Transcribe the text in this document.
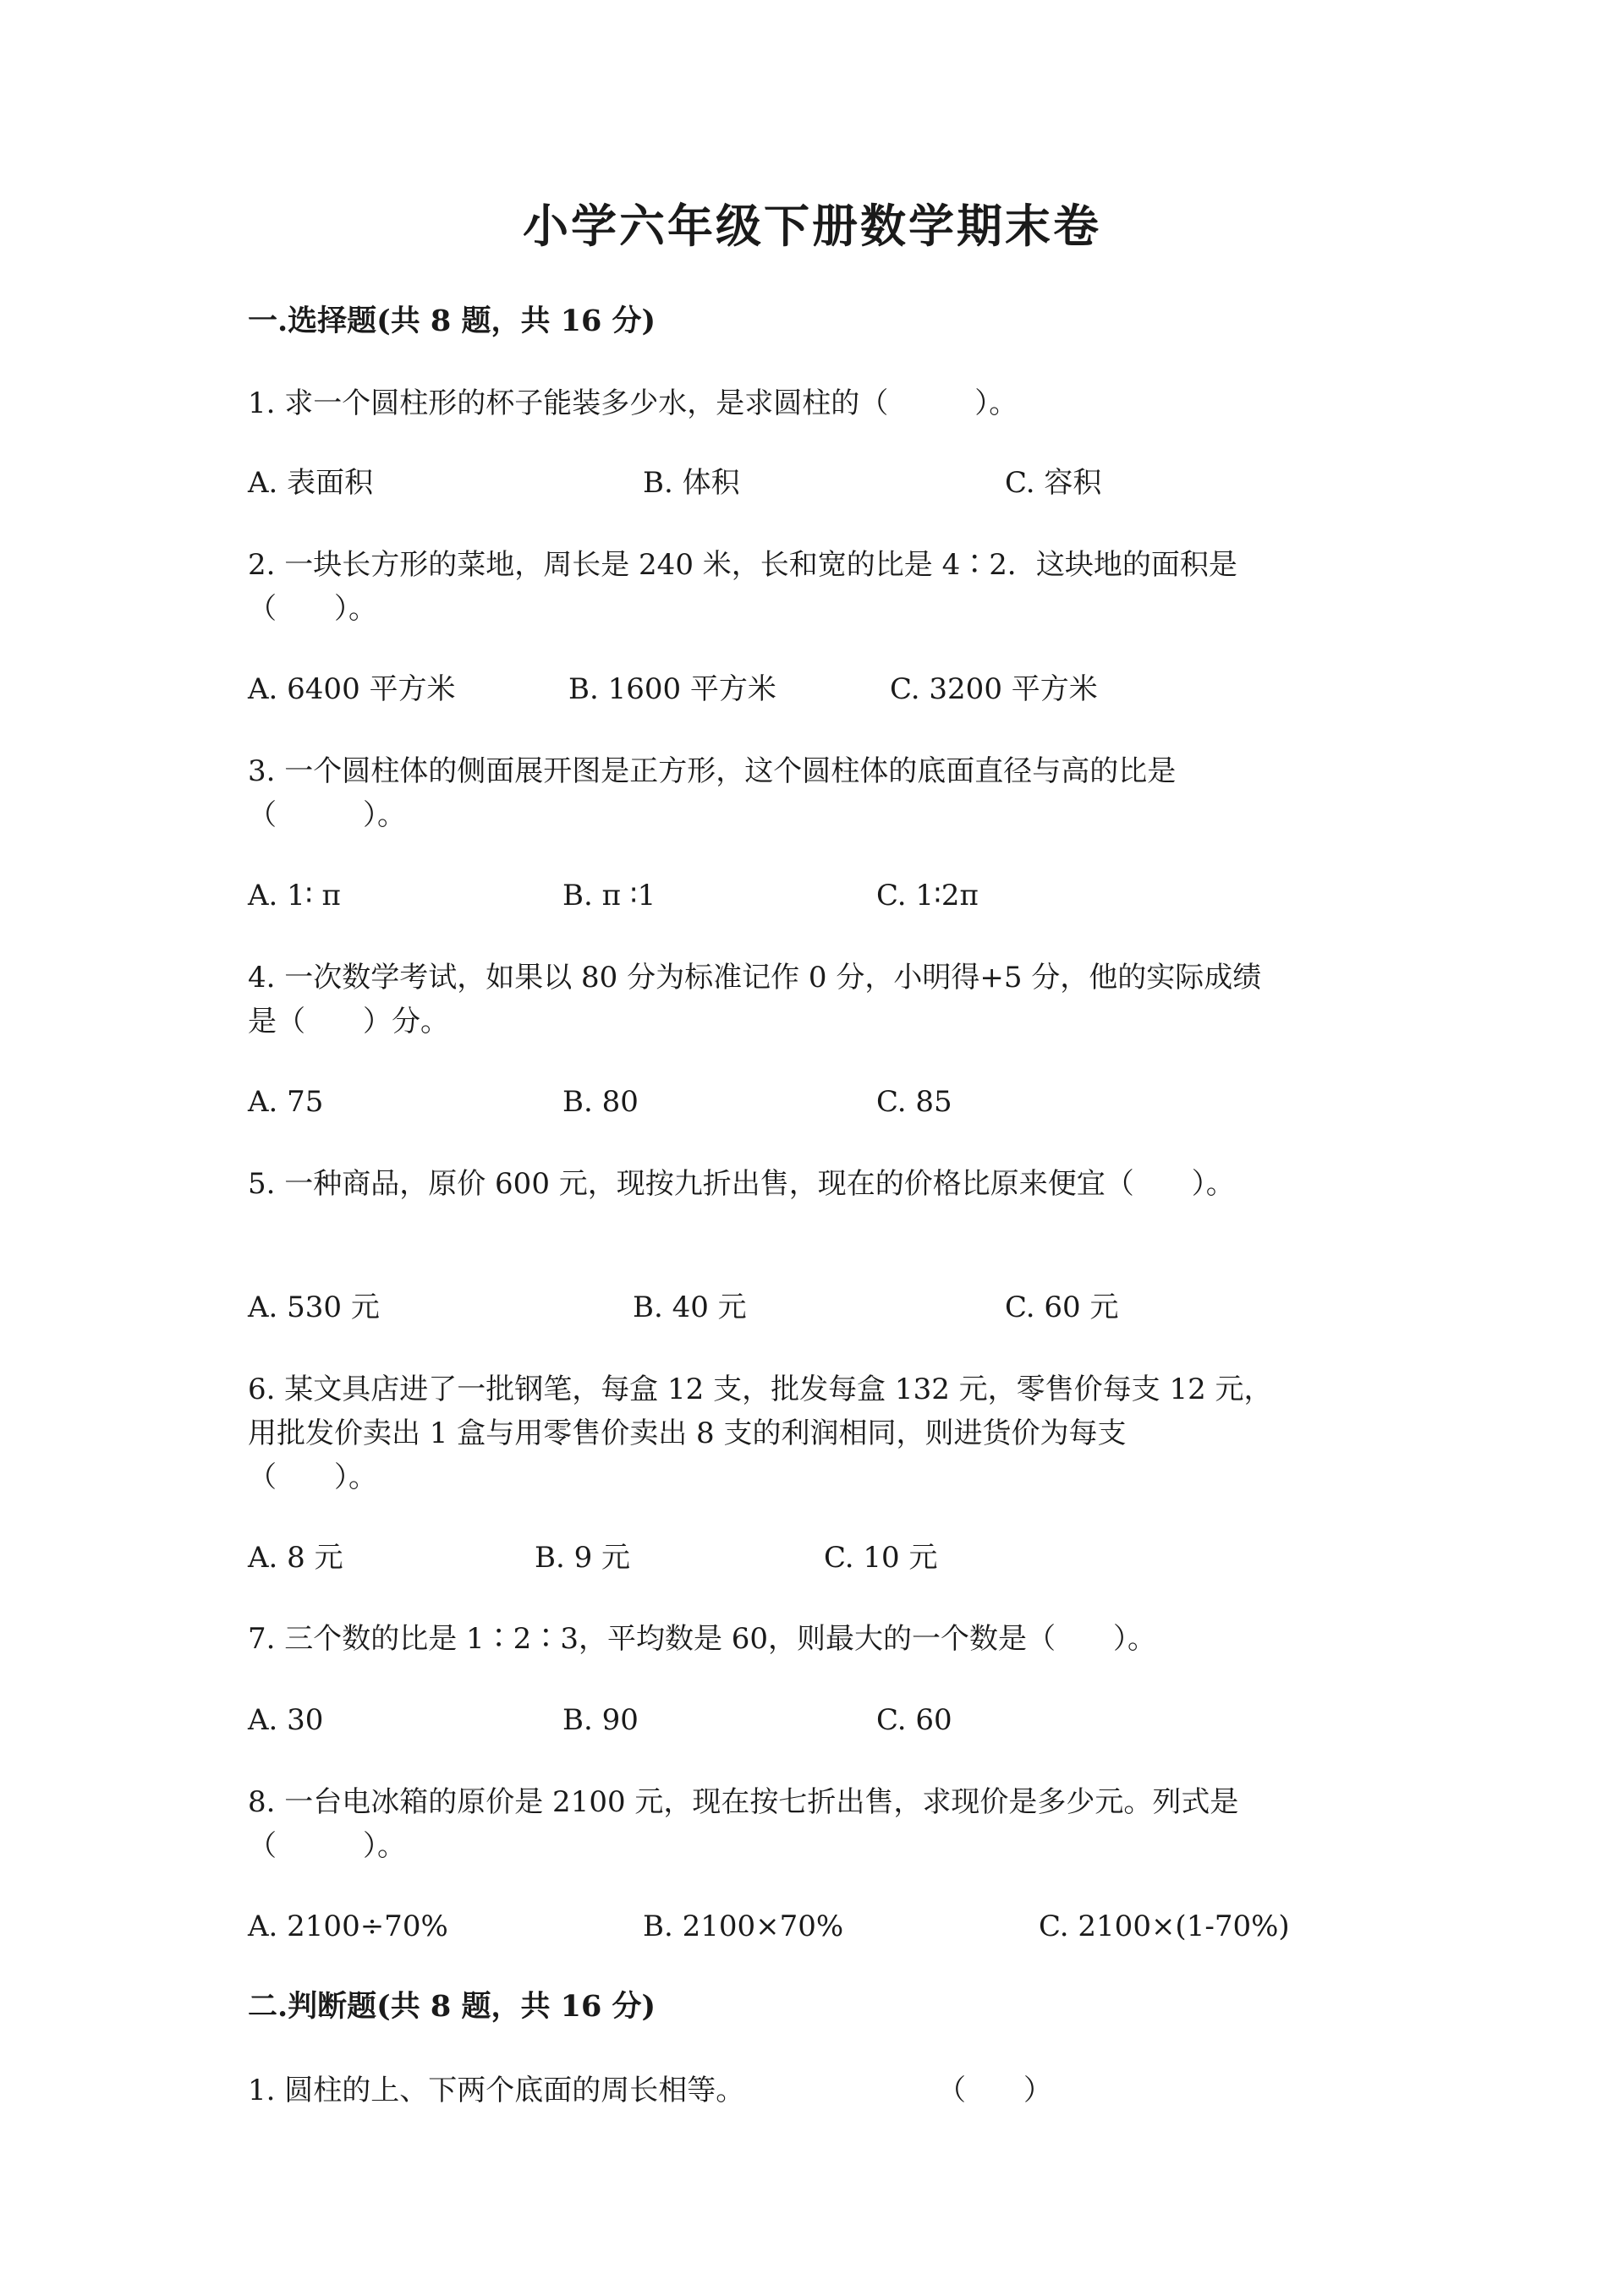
小学六年级下册数学期末卷
一.选择题(共 8 题，共 16 分)
1. 求一个圆柱形的杯子能装多少水，是求圆柱的（　　　）。
A. 表面积	B. 体积	C. 容积
2. 一块长方形的菜地，周长是 240 米，长和宽的比是 4∶2．这块地的面积是
（　　）。
A. 6400 平方米	B. 1600 平方米	C. 3200 平方米
3. 一个圆柱体的侧面展开图是正方形，这个圆柱体的底面直径与高的比是
（　　　）。
A. 1∶ π	B. π ∶1	C. 1∶2π
4. 一次数学考试，如果以 80 分为标准记作 0 分，小明得+5 分，他的实际成绩
是（　　）分。
A. 75	B. 80	C. 85
5. 一种商品，原价 600 元，现按九折出售，现在的价格比原来便宜（　　）。
A. 530 元	B. 40 元	C. 60 元
6. 某文具店进了一批钢笔，每盒 12 支，批发每盒 132 元，零售价每支 12 元，
用批发价卖出 1 盒与用零售价卖出 8 支的利润相同，则进货价为每支
（　　）。
A. 8 元	B. 9 元	C. 10 元
7. 三个数的比是 1∶2∶3，平均数是 60，则最大的一个数是（　　）。
A. 30	B. 90	C. 60
8. 一台电冰箱的原价是 2100 元，现在按七折出售，求现价是多少元。列式是
（　　　）。
A. 2100÷70%	B. 2100×70%	C. 2100×(1-70%)
二.判断题(共 8 题，共 16 分)
1. 圆柱的上、下两个底面的周长相等。	（　　）
